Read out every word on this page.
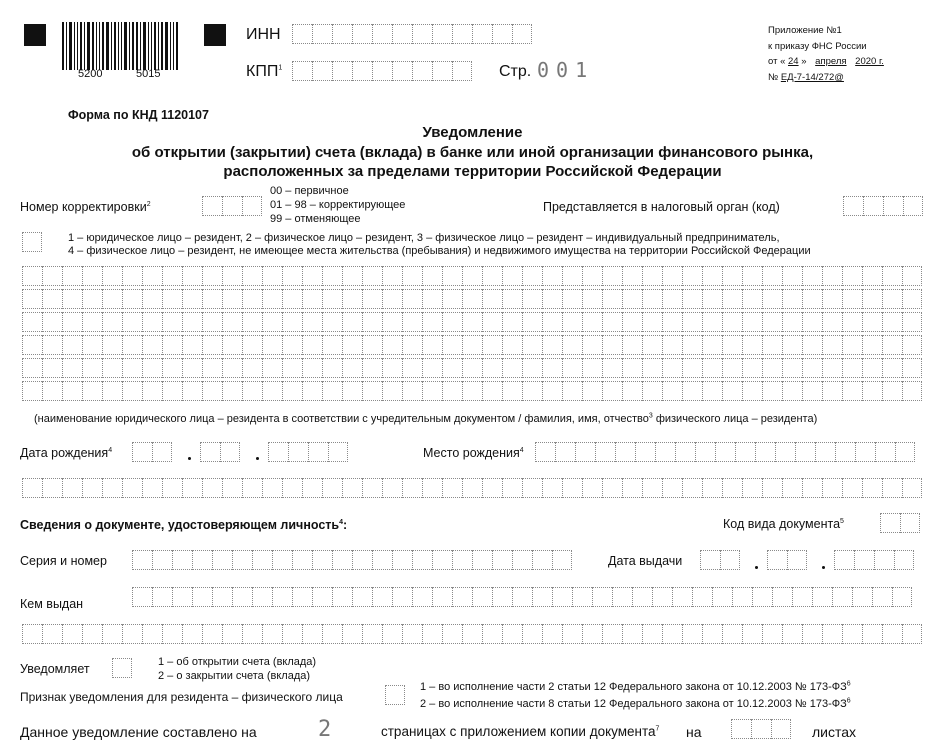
5200	5015
ИНН
КПП$^1$	Стр. 0 0 1
Приложение №1
к приказу ФНС России
от « 24 » апреля 2020 г.
№ ЕД-7-14/272@
Форма по КНД 1120107
Уведомление
об открытии (закрытии) счета (вклада) в банке или иной организации финансового рынка,
расположенных за пределами территории Российской Федерации
Номер корректировки$^2$
00 – первичное
01 – 98 – корректирующее
99 – отменяющее
Представляется в налоговый орган (код)
1 – юридическое лицо – резидент, 2 – физическое лицо – резидент, 3 – физическое лицо – резидент – индивидуальный предприниматель,
4 – физическое лицо – резидент, не имеющее места жительства (пребывания) и недвижимого имущества на территории Российской Федерации
(наименование юридического лица – резидента в соответствии с учредительным документом / фамилия, имя, отчество$^3$ физического лица – резидента)
Дата рождения$^4$	Место рождения$^4$
Сведения о документе, удостоверяющем личность$^4$:	Код вида документа$^5$
Серия и номер	Дата выдачи
Кем выдан
Уведомляет	1 – об открытии счета (вклада)
2 – о закрытии счета (вклада)
Признак уведомления для резидента – физического лица
1 – во исполнение части 2 статьи 12 Федерального закона от 10.12.2003 № $173-ФЗ^6$
2 – во исполнение части 8 статьи 12 Федерального закона от 10.12.2003 № $173-ФЗ^6$
Данное уведомление составлено на	2	страницах с приложением копии документа$^7$ на	листах
